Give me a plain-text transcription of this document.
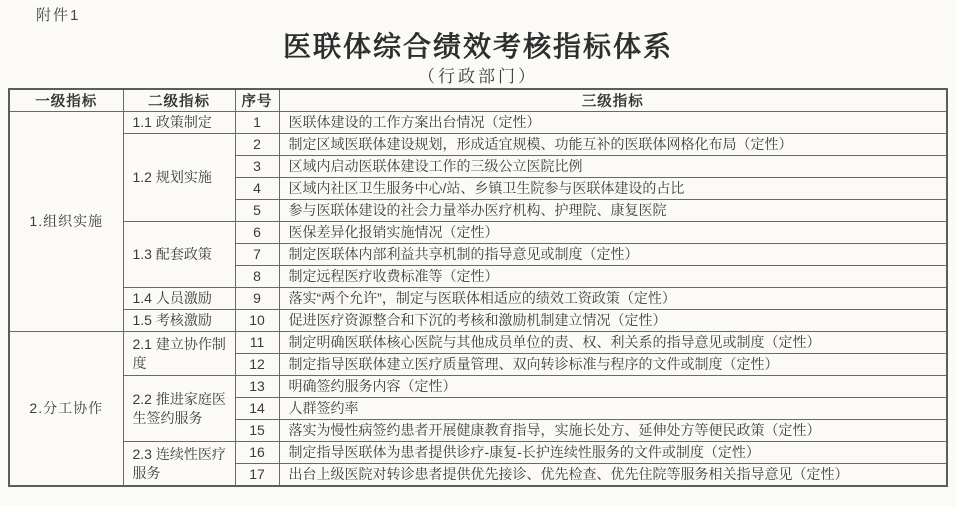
附件1
医联体综合绩效考核指标体系
（行政部门）
一级指标	二级指标	序号	三级指标
1.组织实施	1.1 政策制定	1	医联体建设的工作方案出台情况（定性）
	1.2 规划实施	2	制定区域医联体建设规划，形成适宜规模、功能互补的医联体网格化布局（定性）
		3	区域内启动医联体建设工作的三级公立医院比例
		4	区域内社区卫生服务中心/站、乡镇卫生院参与医联体建设的占比
		5	参与医联体建设的社会力量举办医疗机构、护理院、康复医院
	1.3 配套政策	6	医保差异化报销实施情况（定性）
		7	制定医联体内部利益共享机制的指导意见或制度（定性）
		8	制定远程医疗收费标准等（定性）
	1.4 人员激励	9	落实“两个允许”，制定与医联体相适应的绩效工资政策（定性）
	1.5 考核激励	10	促进医疗资源整合和下沉的考核和激励机制建立情况（定性）
2.分工协作	2.1 建立协作制度	11	制定明确医联体核心医院与其他成员单位的责、权、利关系的指导意见或制度（定性）
		12	制定指导医联体建立医疗质量管理、双向转诊标准与程序的文件或制度（定性）
	2.2 推进家庭医生签约服务	13	明确签约服务内容（定性）
		14	人群签约率
		15	落实为慢性病签约患者开展健康教育指导，实施长处方、延伸处方等便民政策（定性）
	2.3 连续性医疗服务	16	制定指导医联体为患者提供诊疗-康复-长护连续性服务的文件或制度（定性）
		17	出台上级医院对转诊患者提供优先接诊、优先检查、优先住院等服务相关指导意见（定性）
